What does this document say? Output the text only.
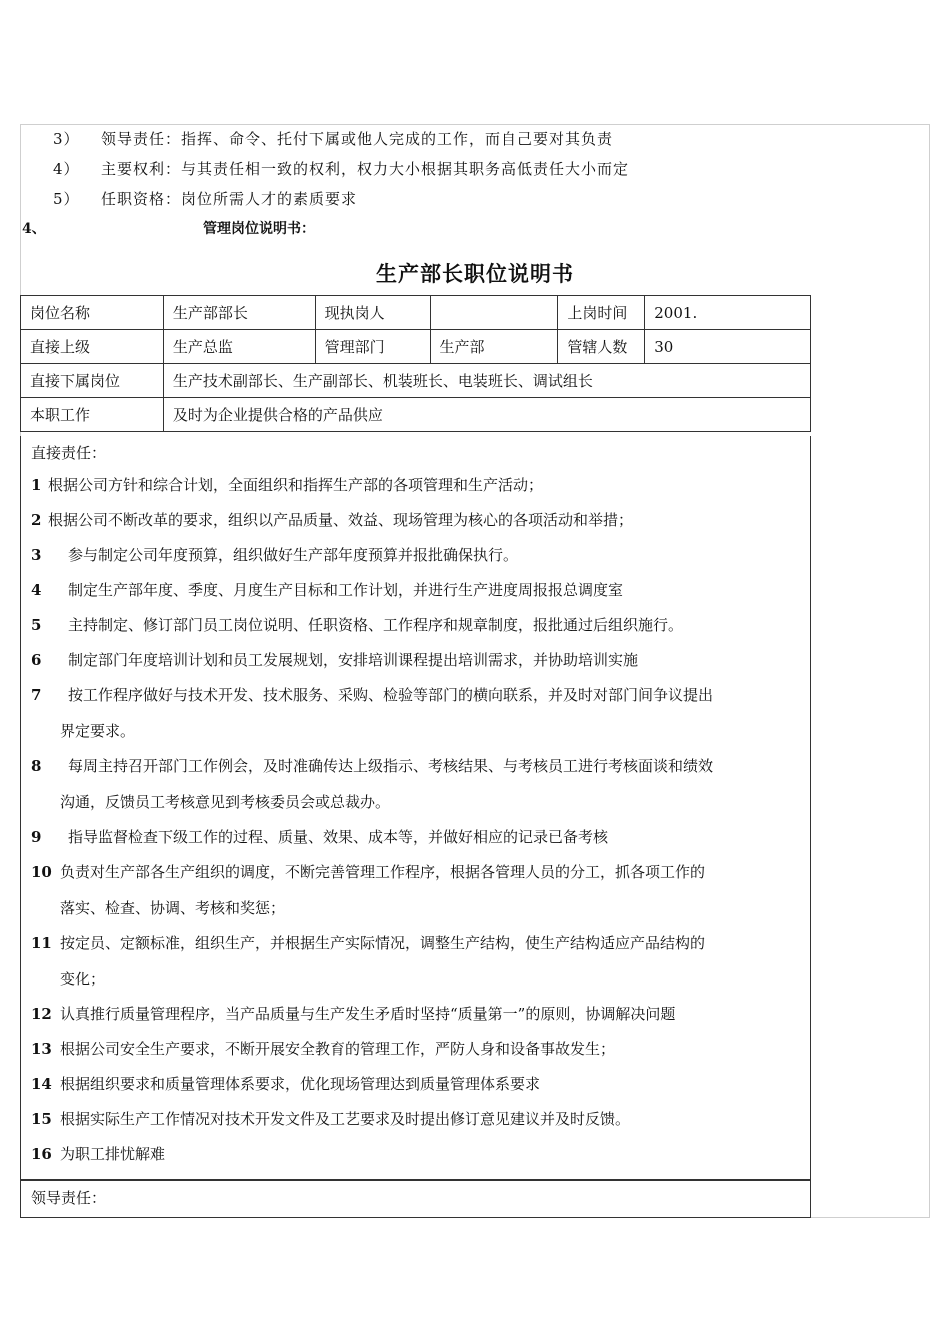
3） 领导责任：指挥、命令、托付下属或他人完成的工作，而自己要对其负责
4） 主要权利：与其责任相一致的权利，权力大小根据其职务高低责任大小而定
5） 任职资格：岗位所需人才的素质要求
4、	管理岗位说明书：
生产部长职位说明书
岗位名称	生产部部长	现执岗人		上岗时间	2001.
直接上级	生产总监	管理部门	生产部	管辖人数	30
直接下属岗位	生产技术副部长、生产副部长、机装班长、电装班长、调试组长				
本职工作	及时为企业提供合格的产品供应				
直接责任：
1 根据公司方针和综合计划，全面组织和指挥生产部的各项管理和生产活动；
2 根据公司不断改革的要求，组织以产品质量、效益、现场管理为核心的各项活动和举措；
3	参与制定公司年度预算，组织做好生产部年度预算并报批确保执行。
4	制定生产部年度、季度、月度生产目标和工作计划，并进行生产进度周报报总调度室
5	主持制定、修订部门员工岗位说明、任职资格、工作程序和规章制度，报批通过后组织施行。
6	制定部门年度培训计划和员工发展规划，安排培训课程提出培训需求，并协助培训实施
7	按工作程序做好与技术开发、技术服务、采购、检验等部门的横向联系，并及时对部门间争议提出
界定要求。
8	每周主持召开部门工作例会，及时准确传达上级指示、考核结果、与考核员工进行考核面谈和绩效
沟通，反馈员工考核意见到考核委员会或总裁办。
9	指导监督检查下级工作的过程、质量、效果、成本等，并做好相应的记录已备考核
10 负责对生产部各生产组织的调度，不断完善管理工作程序，根据各管理人员的分工，抓各项工作的
落实、检查、协调、考核和奖惩；
11 按定员、定额标准，组织生产，并根据生产实际情况，调整生产结构，使生产结构适应产品结构的
变化；
12 认真推行质量管理程序，当产品质量与生产发生矛盾时坚持“质量第一”的原则，协调解决问题
13 根据公司安全生产要求，不断开展安全教育的管理工作，严防人身和设备事故发生；
14 根据组织要求和质量管理体系要求，优化现场管理达到质量管理体系要求
15 根据实际生产工作情况对技术开发文件及工艺要求及时提出修订意见建议并及时反馈。
16 为职工排忧解难
领导责任：
